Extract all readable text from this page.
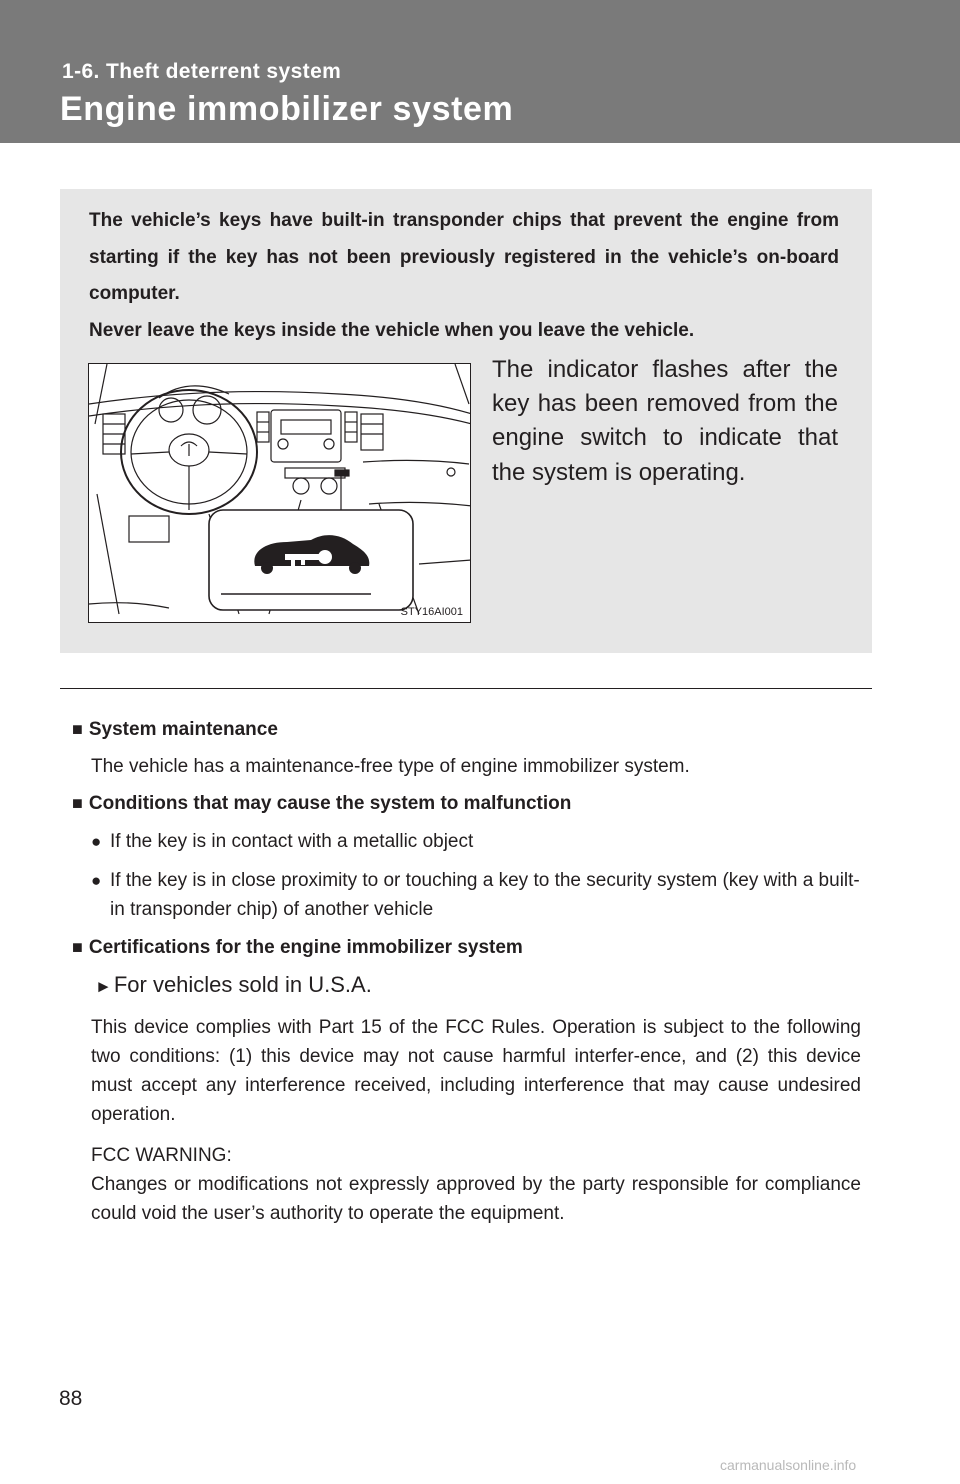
1-6. Theft deterrent system

Engine immobilizer system

The vehicle’s keys have built-in transponder chips that prevent the engine from starting if the key has not been previously registered in the vehicle’s on-board computer.

Never leave the keys inside the vehicle when you leave the vehicle.

STY16AI001

The indicator flashes after the key has been removed from the engine switch to indicate that the system is operating.

■ System maintenance

The vehicle has a maintenance-free type of engine immobilizer system.

■ Conditions that may cause the system to malfunction

● If the key is in contact with a metallic object

● If the key is in close proximity to or touching a key to the security system (key with a built-in transponder chip) of another vehicle

■ Certifications for the engine immobilizer system

►For vehicles sold in U.S.A.

This device complies with Part 15 of the FCC Rules. Operation is subject to the following two conditions: (1) this device may not cause harmful interfer-ence, and (2) this device must accept any interference received, including interference that may cause undesired operation.

FCC WARNING:
Changes or modifications not expressly approved by the party responsible for compliance could void the user’s authority to operate the equipment.

88

carmanualsonline.info
